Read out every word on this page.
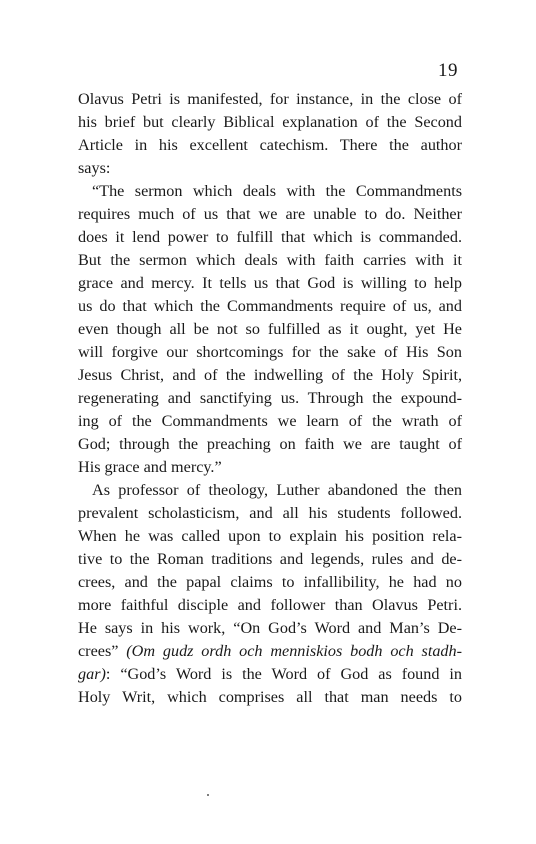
19
Olavus Petri is manifested, for instance, in the close of
his brief but clearly Biblical explanation of the Second
Article in his excellent catechism. There the author
says:
“The sermon which deals with the Commandments
requires much of us that we are unable to do. Neither
does it lend power to fulfill that which is commanded.
But the sermon which deals with faith carries with it
grace and mercy. It tells us that God is willing to help
us do that which the Commandments require of us, and
even though all be not so fulfilled as it ought, yet He
will forgive our shortcomings for the sake of His Son
Jesus Christ, and of the indwelling of the Holy Spirit,
regenerating and sanctifying us. Through the expound-
ing of the Commandments we learn of the wrath of
God; through the preaching on faith we are taught of
His grace and mercy.”
As professor of theology, Luther abandoned the then
prevalent scholasticism, and all his students followed.
When he was called upon to explain his position rela-
tive to the Roman traditions and legends, rules and de-
crees, and the papal claims to infallibility, he had no
more faithful disciple and follower than Olavus Petri.
He says in his work, “On God’s Word and Man’s De-
crees” (Om gudz ordh och menniskios bodh och stadh-
gar): “God’s Word is the Word of God as found in
Holy Writ, which comprises all that man needs to
